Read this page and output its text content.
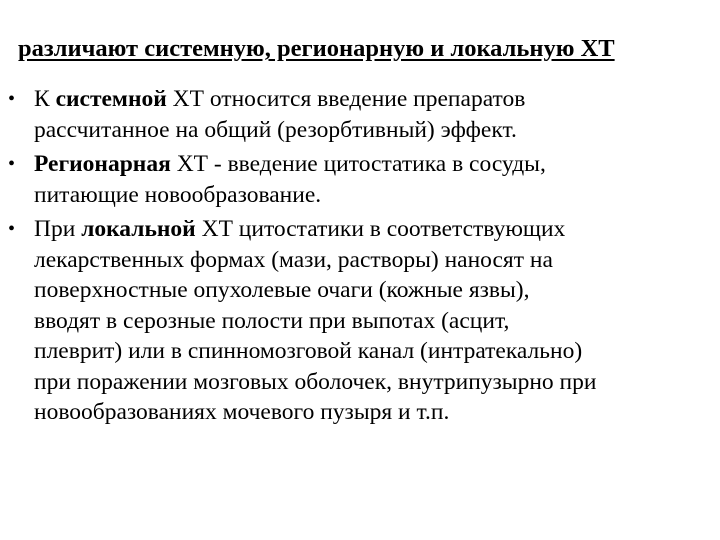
различают системную, регионарную и локальную ХТ
• К системной ХТ относится введение препаратов
рассчитанное на общий (резорбтивный) эффект.
• Регионарная ХТ - введение цитостатика в сосуды,
питающие новообразование.
• При локальной ХТ цитостатики в соответствующих
лекарственных формах (мази, растворы) наносят на
поверхностные опухолевые очаги (кожные язвы),
вводят в серозные полости при выпотах (асцит,
плеврит) или в спинномозговой канал (интратекально)
при поражении мозговых оболочек, внутрипузырно при
новообразованиях мочевого пузыря и т.п.
